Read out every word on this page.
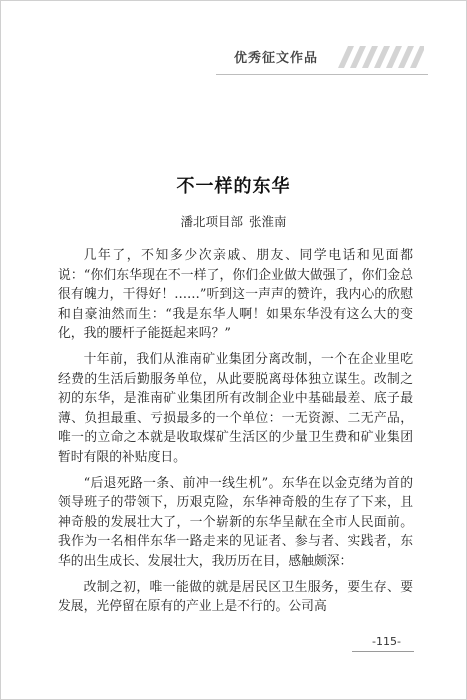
优秀征文作品
不一样的东华
潘北项目部 张淮南

几年了，不知多少次亲戚、朋友、同学电话和见面都说：“你们东华现在不一样了，你们企业做大做强了，你们金总很有魄力，干得好！……”听到这一声声的赞许，我内心的欣慰和自豪油然而生：“我是东华人啊！如果东华没有这么大的变化，我的腰杆子能挺起来吗？”

十年前，我们从淮南矿业集团分离改制，一个在企业里吃经费的生活后勤服务单位，从此要脱离母体独立谋生。改制之初的东华，是淮南矿业集团所有改制企业中基础最差、底子最薄、负担最重、亏损最多的一个单位：一无资源、二无产品，唯一的立命之本就是收取煤矿生活区的少量卫生费和矿业集团暂时有限的补贴度日。

“后退死路一条、前冲一线生机”。东华在以金克绪为首的领导班子的带领下，历艰克险，东华神奇般的生存了下来，且神奇般的发展壮大了，一个崭新的东华呈献在全市人民面前。我作为一名相伴东华一路走来的见证者、参与者、实践者，东华的出生成长、发展壮大，我历历在目，感触颇深：

改制之初，唯一能做的就是居民区卫生服务，要生存、要发展，光停留在原有的产业上是不行的。公司高

-115-
